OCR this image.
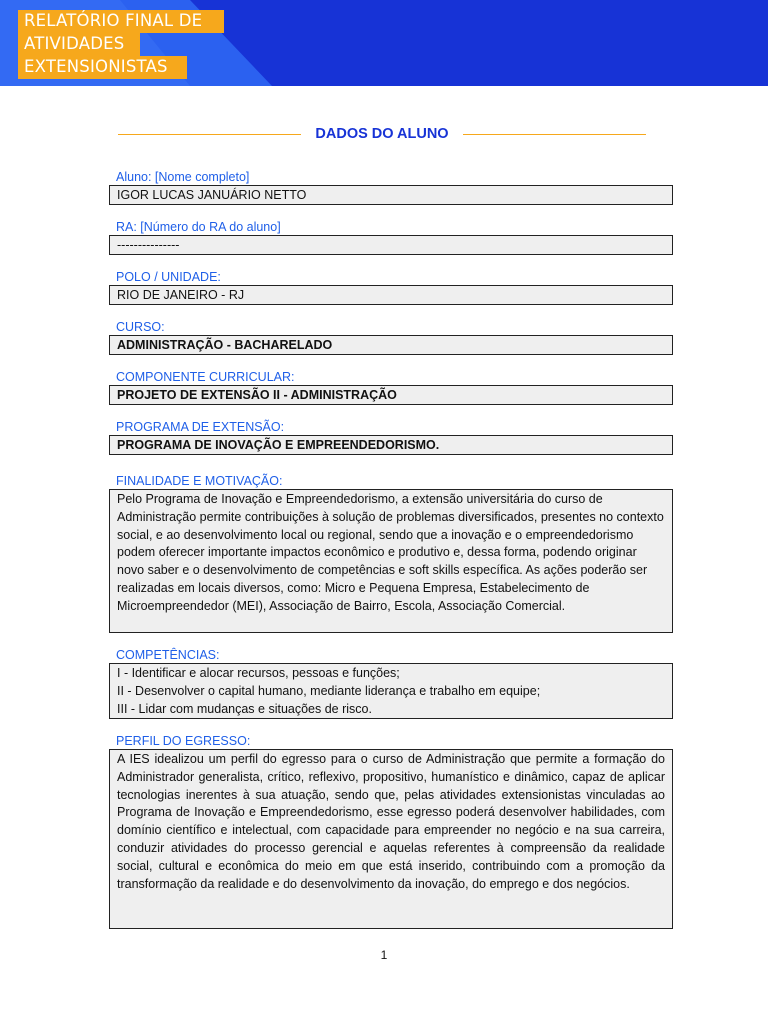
RELATÓRIO FINAL DE
ATIVIDADES
EXTENSIONISTAS
DADOS DO ALUNO
Aluno: [Nome completo]
IGOR LUCAS JANUÁRIO NETTO
RA: [Número do RA do aluno]
---------------
POLO / UNIDADE:
RIO DE JANEIRO - RJ
CURSO:
ADMINISTRAÇÃO - BACHARELADO
COMPONENTE CURRICULAR:
PROJETO DE EXTENSÃO II - ADMINISTRAÇÃO
PROGRAMA DE EXTENSÃO:
PROGRAMA DE INOVAÇÃO E EMPREENDEDORISMO.
FINALIDADE E MOTIVAÇÃO:
Pelo Programa de Inovação e Empreendedorismo, a extensão universitária do curso de Administração permite contribuições à solução de problemas diversificados, presentes no contexto social, e ao desenvolvimento local ou regional, sendo que a inovação e o empreendedorismo podem oferecer importante impactos econômico e produtivo e, dessa forma, podendo originar novo saber e o desenvolvimento de competências e soft skills específica. As ações poderão ser realizadas em locais diversos, como: Micro e Pequena Empresa, Estabelecimento de Microempreendedor (MEI), Associação de Bairro, Escola, Associação Comercial.
COMPETÊNCIAS:
I - Identificar e alocar recursos, pessoas e funções;
II - Desenvolver o capital humano, mediante liderança e trabalho em equipe;
III - Lidar com mudanças e situações de risco.
PERFIL DO EGRESSO:
A IES idealizou um perfil do egresso para o curso de Administração que permite a formação do Administrador generalista, crítico, reflexivo, propositivo, humanístico e dinâmico, capaz de aplicar tecnologias inerentes à sua atuação, sendo que, pelas atividades extensionistas vinculadas ao Programa de Inovação e Empreendedorismo, esse egresso poderá desenvolver habilidades, com domínio científico e intelectual, com capacidade para empreender no negócio e na sua carreira, conduzir atividades do processo gerencial e aquelas referentes à compreensão da realidade social, cultural e econômica do meio em que está inserido, contribuindo com a promoção da transformação da realidade e do desenvolvimento da inovação, do emprego e dos negócios.
1
